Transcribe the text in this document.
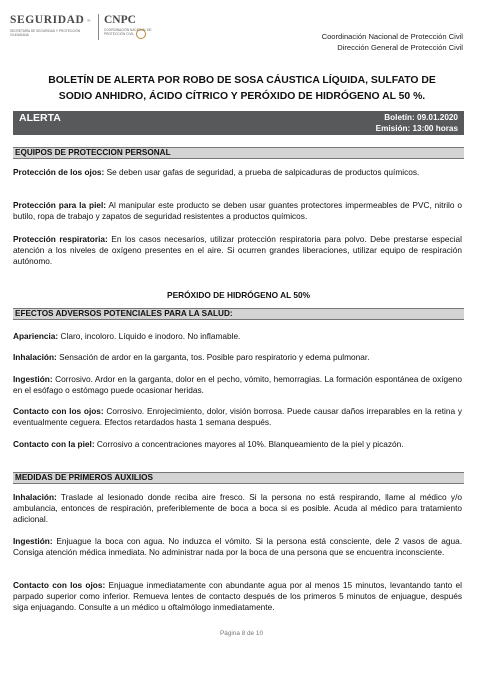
SEGURIDAD
SECRETARÍA DE SEGURIDAD Y PROTECCIÓN CIUDADANA
CNPC
COORDINACIÓN NACIONAL DE PROTECCIÓN CIVIL	Coordinación Nacional de Protección Civil
Dirección General de Protección Civil
BOLETÍN DE ALERTA POR ROBO DE SOSA CÁUSTICA LÍQUIDA, SULFATO DE SODIO ANHIDRO, ÁCIDO CÍTRICO Y PERÓXIDO DE HIDRÓGENO AL 50 %.
ALERTA	Boletín: 09.01.2020
Emisión: 13:00 horas
EQUIPOS DE PROTECCION PERSONAL
Protección de los ojos: Se deben usar gafas de seguridad, a prueba de salpicaduras de productos químicos.
Protección para la piel: Al manipular este producto se deben usar guantes protectores impermeables de PVC, nitrilo o butilo, ropa de trabajo y zapatos de seguridad resistentes a productos químicos.
Protección respiratoria: En los casos necesarios, utilizar protección respiratoria para polvo. Debe prestarse especial atención a los niveles de oxígeno presentes en el aire. Si ocurren grandes liberaciones, utilizar equipo de respiración autónomo.
PERÓXIDO DE HIDRÓGENO AL 50%
EFECTOS ADVERSOS POTENCIALES PARA LA SALUD:
Apariencia: Claro, incoloro. Líquido e inodoro. No inflamable.
Inhalación: Sensación de ardor en la garganta, tos. Posible paro respiratorio y edema pulmonar.
Ingestión: Corrosivo. Ardor en la garganta, dolor en el pecho, vómito, hemorragias. La formación espontánea de oxígeno en el esófago o estómago puede ocasionar heridas.
Contacto con los ojos: Corrosivo. Enrojecimiento, dolor, visión borrosa. Puede causar daños irreparables en la retina y eventualmente ceguera. Efectos retardados hasta 1 semana después.
Contacto con la piel: Corrosivo a concentraciones mayores al 10%. Blanqueamiento de la piel y picazón.
MEDIDAS DE PRIMEROS AUXILIOS
Inhalación: Traslade al lesionado donde reciba aire fresco. Si la persona no está respirando, llame al médico y/o ambulancia, entonces de respiración, preferiblemente de boca a boca si es posible. Acuda al médico para tratamiento adicional.
Ingestión: Enjuague la boca con agua. No induzca el vómito. Si la persona está consciente, dele 2 vasos de agua. Consiga atención médica inmediata. No administrar nada por la boca de una persona que se encuentra inconsciente.
Contacto con los ojos: Enjuague inmediatamente con abundante agua por al menos 15 minutos, levantando tanto el parpado superior como inferior. Remueva lentes de contacto después de los primeros 5 minutos de enjuague, después siga enjuagando. Consulte a un médico u oftalmólogo inmediatamente.
Página 8 de 10
